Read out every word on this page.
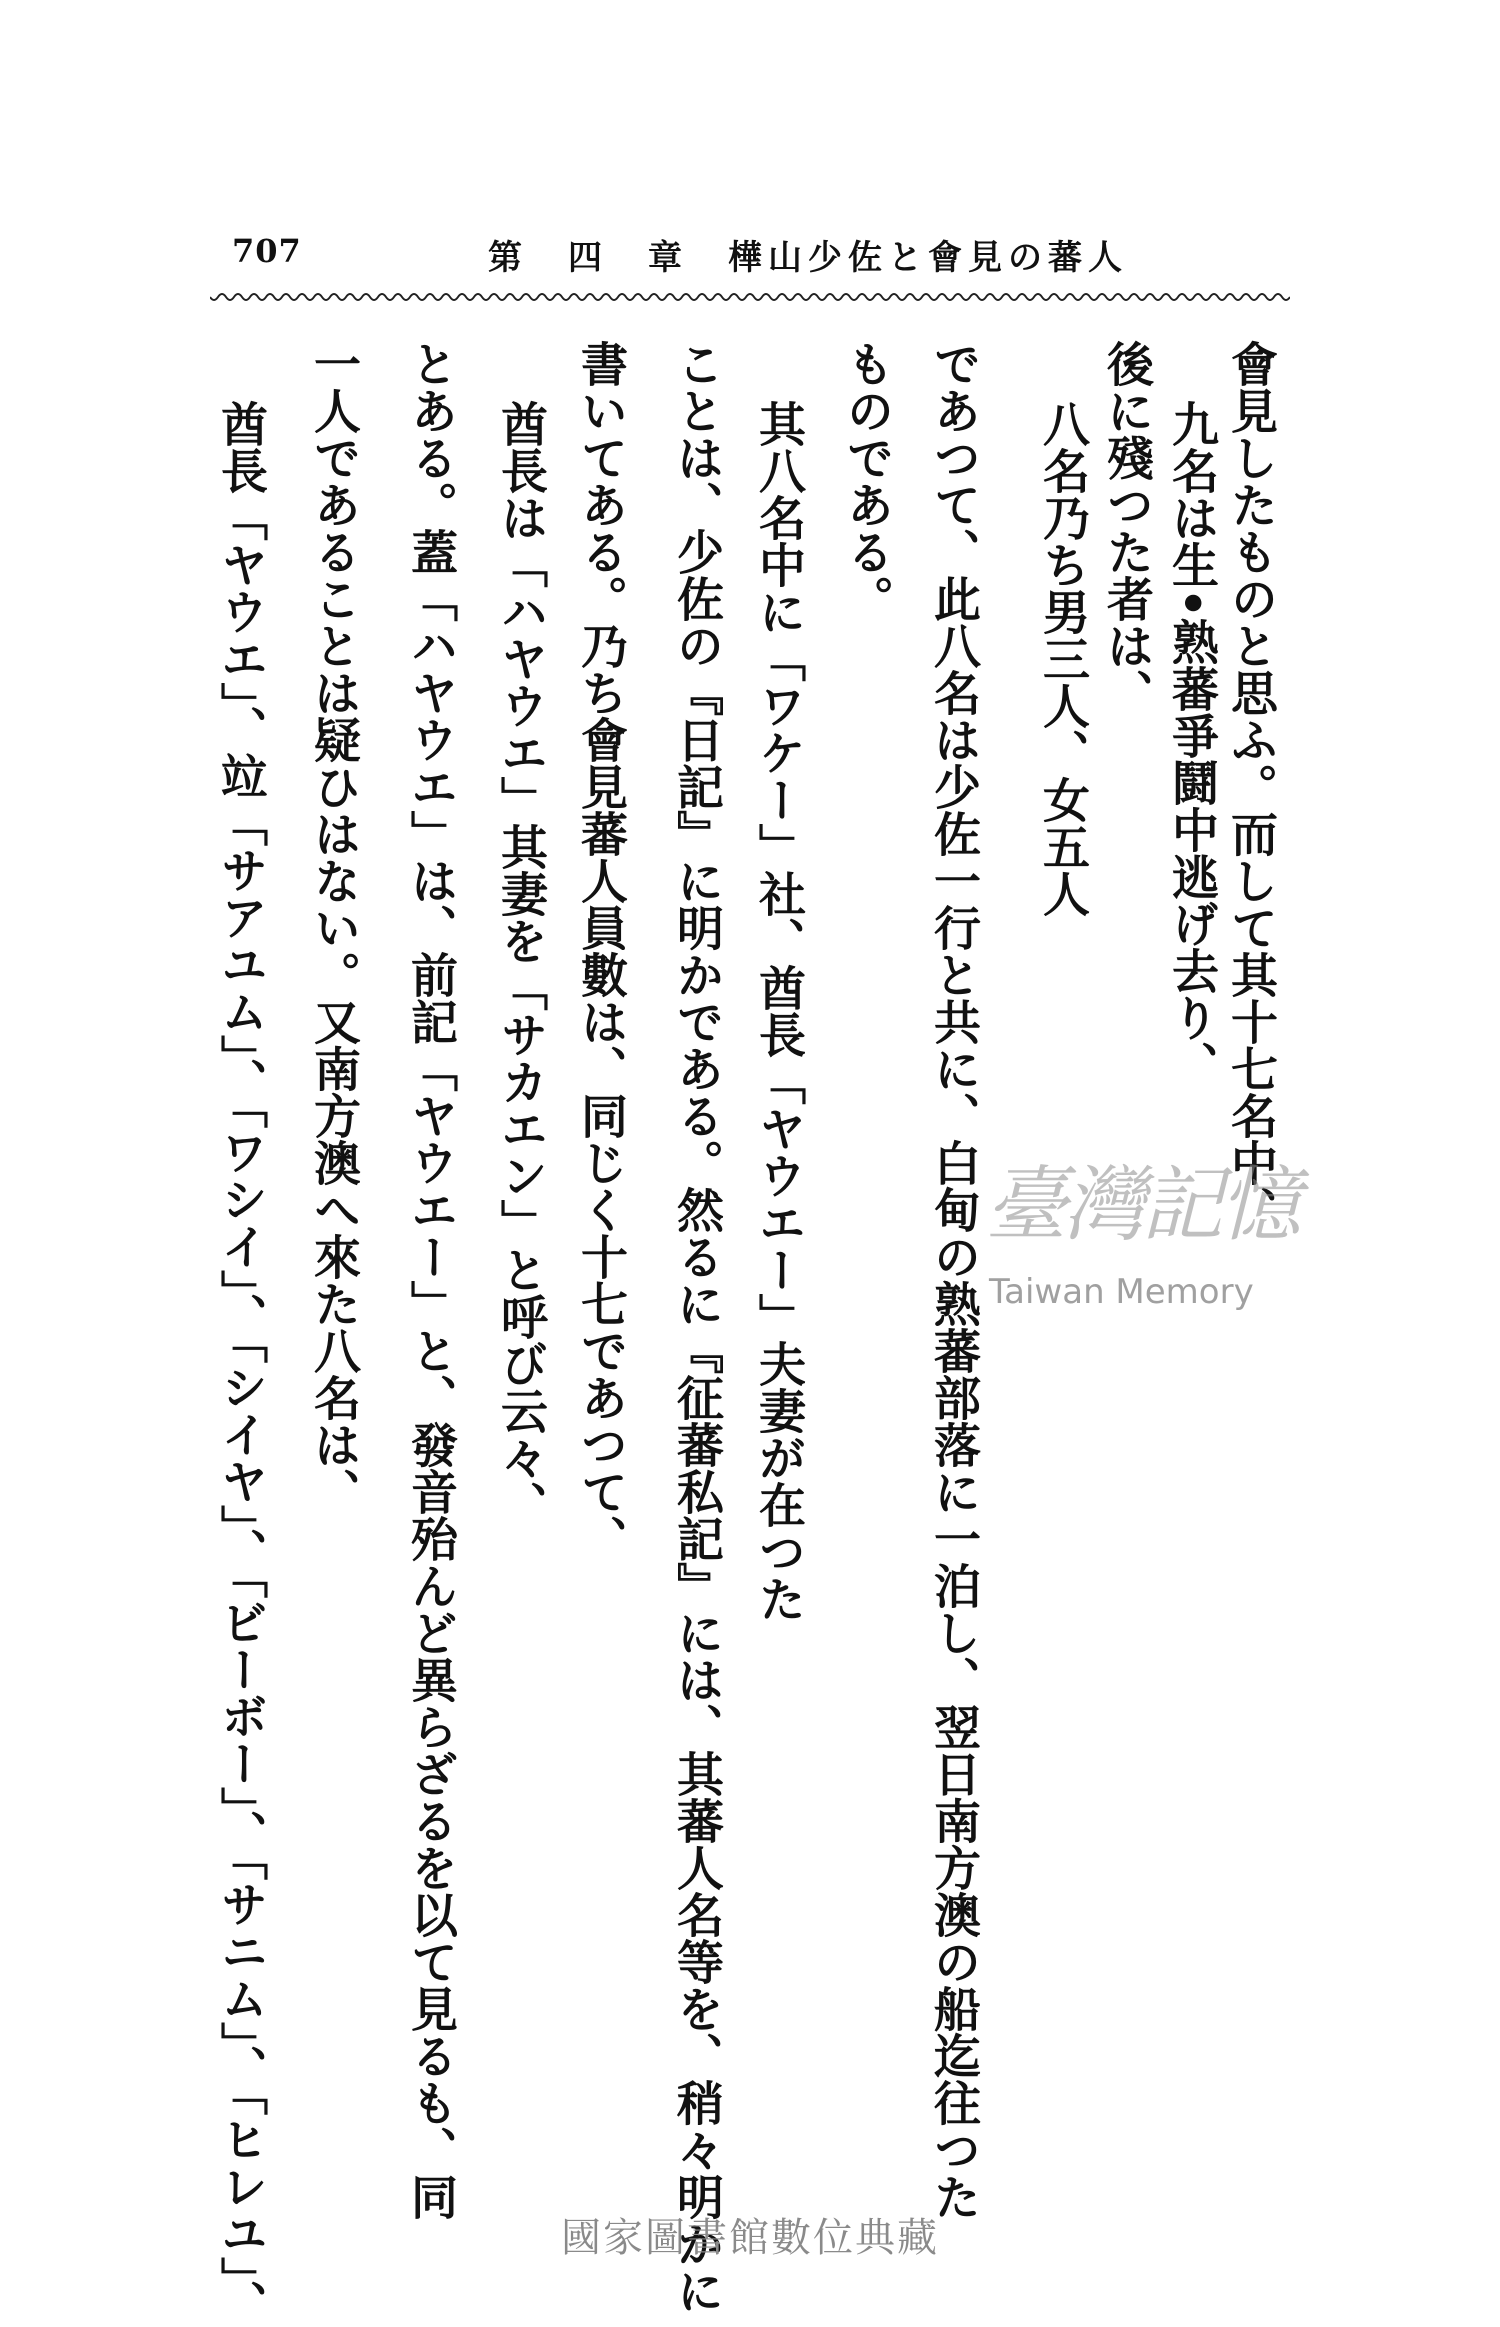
707	第　四　章　樺山少佐と會見の蕃人
會見したものと思ふ。而して其十七名中、
九名は生•熟蕃爭鬪中逃げ去り、
後に殘つた者は、
八名乃ち男三人、女五人
であつて、此八名は少佐一行と共に、白甸の熟蕃部落に一泊し、翌日南方澳の船迄往つた
ものである。
其八名中に「ワケー」社、酋長「ヤウエー」夫妻が在つた
ことは、少佐の『日記』に明かである。然るに『征蕃私記』には、其蕃人名等を、稍々明かに
書いてある。乃ち會見蕃人員數は、同じく十七であつて、
酋長は「ハヤウエ」其妻を「サカエン」と呼び云々、
とある。蓋「ハヤウエ」は、前記「ヤウエー」と、發音殆んど異らざるを以て見るも、同
一人であることは疑ひはない。又南方澳へ來た八名は、
酋長「ヤウエ」、竝「サアユム」、「ワシイ」、「シイヤ」、「ビーボー」、「サニム」、「ヒレユ」、	臺灣記憶
Taiwan Memory
國家圖書館數位典藏
